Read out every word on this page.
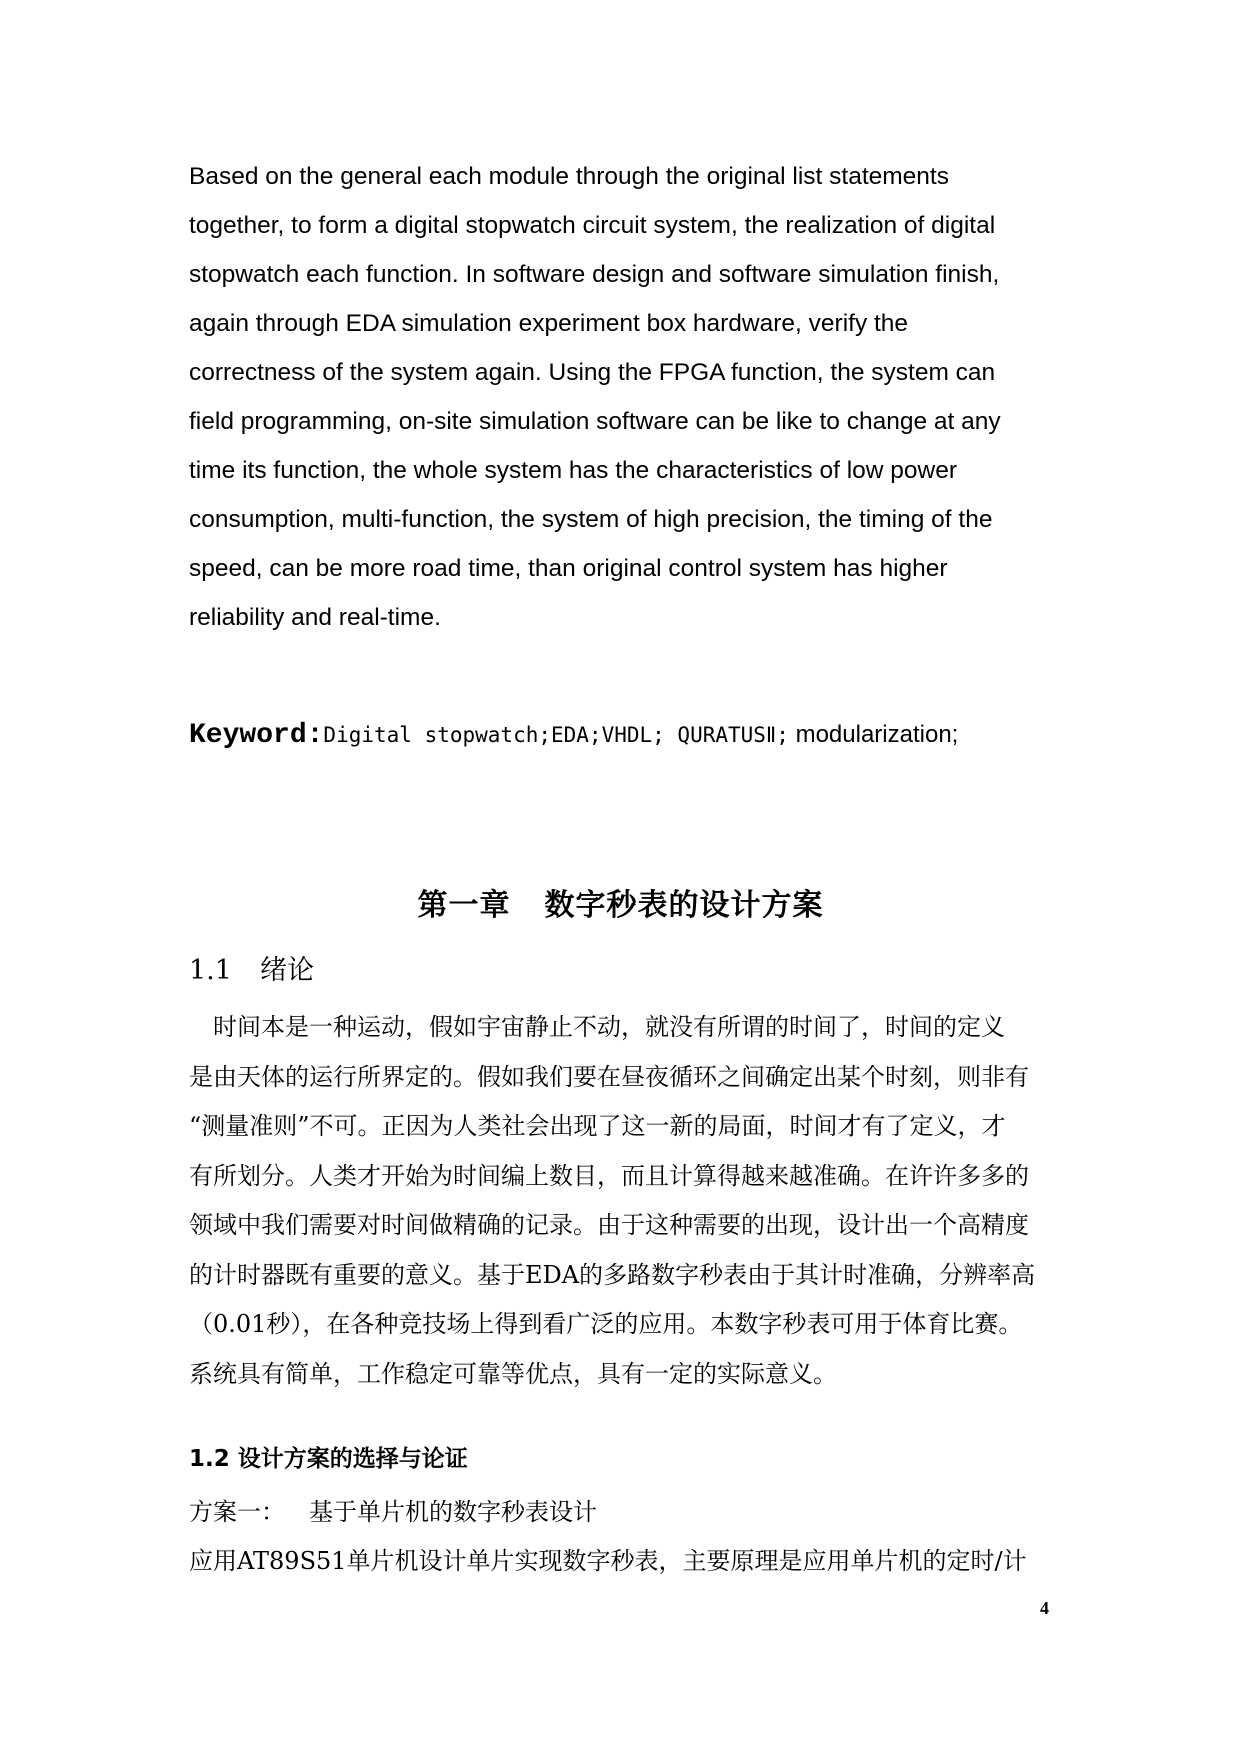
Based on the general each module through the original list statements

together, to form a digital stopwatch circuit system, the realization of digital

stopwatch each function. In software design and software simulation finish,

again through EDA simulation experiment box hardware, verify the

correctness of the system again. Using the FPGA function, the system can

field programming, on-site simulation software can be like to change at any

time its function, the whole system has the characteristics of low power

consumption, multi-function, the system of high precision, the timing of the

speed, can be more road time, than original control system has higher

reliability and real-time.

Keyword:Digital stopwatch;EDA;VHDL; QURATUSⅡ; modularization;
第一章 数字秒表的设计方案
1.1 绪论

　时间本是一种运动，假如宇宙静止不动，就没有所谓的时间了，时间的定义

是由天体的运行所界定的。假如我们要在昼夜循环之间确定出某个时刻，则非有

“测量准则”不可。正因为人类社会出现了这一新的局面，时间才有了定义，才

有所划分。人类才开始为时间编上数目，而且计算得越来越准确。在许许多多的

领域中我们需要对时间做精确的记录。由于这种需要的出现，设计出一个高精度

的计时器既有重要的意义。基于EDA的多路数字秒表由于其计时准确，分辨率高

（0.01秒），在各种竞技场上得到看广泛的应用。本数字秒表可用于体育比赛。

系统具有简单，工作稳定可靠等优点，具有一定的实际意义。

1.2 设计方案的选择与论证

方案一： 基于单片机的数字秒表设计

应用AT89S51单片机设计单片实现数字秒表，主要原理是应用单片机的定时/计

4
